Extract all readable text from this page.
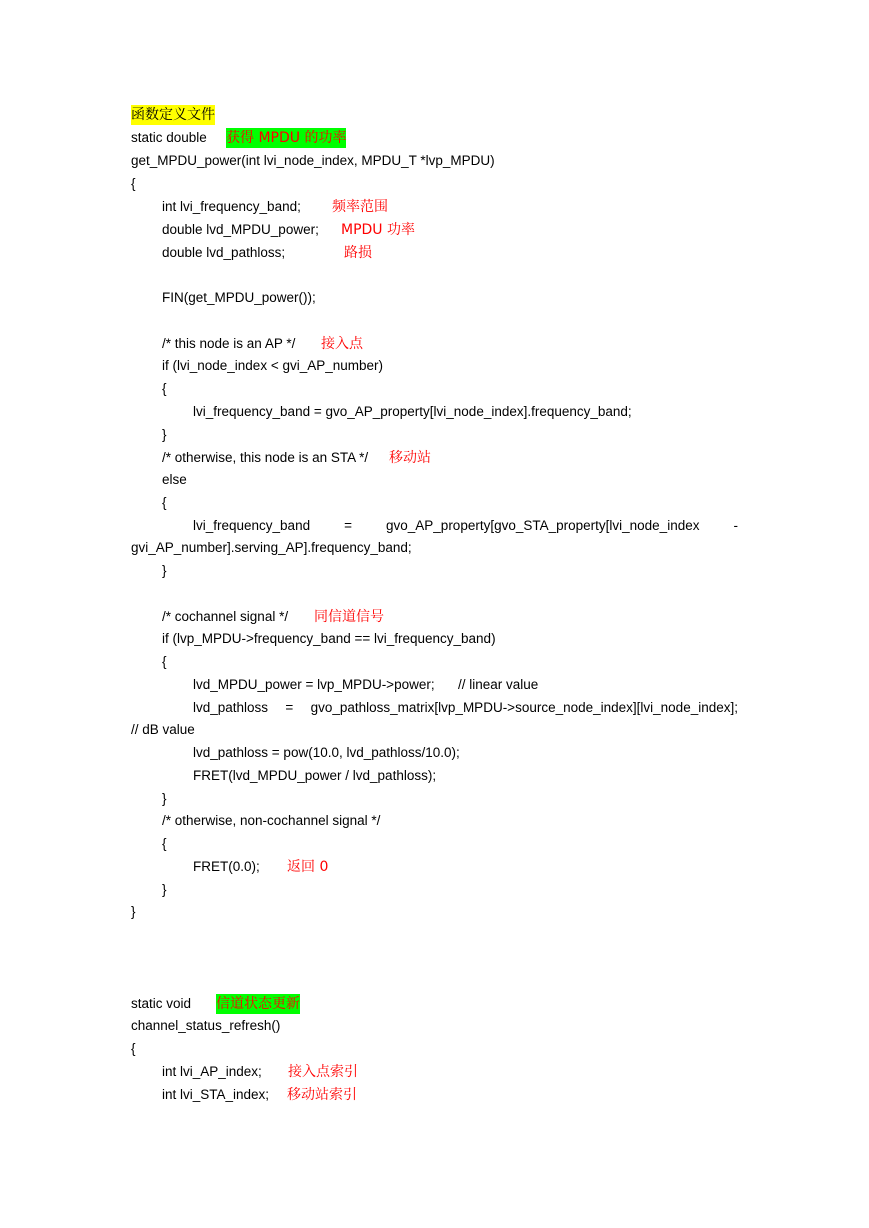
函数定义文件
static double 获得 MPDU 的功率
get_MPDU_power(int lvi_node_index, MPDU_T *lvp_MPDU)
{
int lvi_frequency_band; 频率范围
double lvd_MPDU_power; MPDU 功率
double lvd_pathloss;	路损
FIN(get_MPDU_power());
/* this node is an AP */ 接入点
if (lvi_node_index < gvi_AP_number)
{
lvi_frequency_band = gvo_AP_property[lvi_node_index].frequency_band;
}
/* otherwise, this node is an STA */ 移动站
else
{
lvi_frequency_band	=	gvo_AP_property[gvo_STA_property[lvi_node_index	-
gvi_AP_number].serving_AP].frequency_band;
}
/* cochannel signal */ 同信道信号
if (lvp_MPDU->frequency_band == lvi_frequency_band)
{
lvd_MPDU_power = lvp_MPDU->power; // linear value
lvd_pathloss = gvo_pathloss_matrix[lvp_MPDU->source_node_index][lvi_node_index];
// dB value
lvd_pathloss = pow(10.0, lvd_pathloss/10.0);
FRET(lvd_MPDU_power / lvd_pathloss);
}
/* otherwise, non-cochannel signal */
{
FRET(0.0); 返回 0
}
}
static void 信道状态更新
channel_status_refresh()
{
int lvi_AP_index; 接入点索引
int lvi_STA_index; 移动站索引
